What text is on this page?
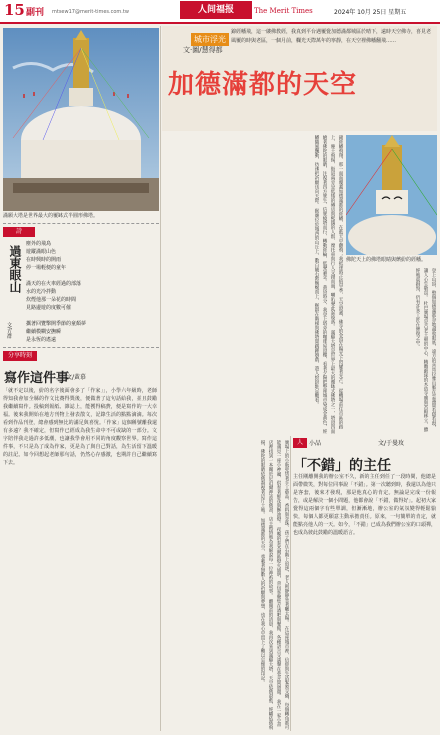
15 副刊 mtsew17@merit-times.com.tw	人间福报	The Merit Times	2024年 10月 25日 星期五
滿願大塔是世界最大的覆缽式半圓形佛塔。
城市浮光
文·圖/慧得都
加德滿都的天空
錦經幡飛，這一縷佛教經，我真到平台遇覆覺加德滿都城區於晴下，遠時天空佛寺，喜見老風覆的時與老區，一個月前，欄光天際萬年的寧靜，在天空裡佛幡翻飛……
詩
過東眼山
文/方群
塵外的飛鳥
遊蹤滿眼山色
在時興時的開雨
停一場輕便的童年

滿天的在火車經過的部落
水的光冷拌動
炊煙他那一朵花的時間
見路邊遊的度數可催

攜著回覽擊開季節的童顏夢
繼續模糊安撫瞬
是永恆的遙遠
分享時刻
寫作這件事
文/黃慕
「就不定以後，紛的名字後面會多了「作家」」，小學六年級時，老師得知我會加全縣的作文比賽得獎後，便做著了這句話給我，並且鼓勵我繼續寫作。投稿到報紙、雜誌上，能獲得稿費，便是寫作的一大幸福。後來我開始在地方刊物上發表散文，記錄生活的點點滴滴。每次看到作品刊登，總會感到無比的滿足與喜悅。「作家」這個稱號離我還有多遠？我不確定，但寫作已經成為我生命中不可或缺的一部分。文字陪伴我走過許多低潮，也讓我學會用不同的角度觀察世界。寫作這件事，不只是為了成為作家，更是為了與自己對話，為生活留下溫暖的註記。如今回想起老師那句話，仍然心存感激，也期許自己繼續寫下去。
錦經幡飛翔，那一面面覆蓋加德滿都的經幡，在藍天中翻飛；我抵達時正值旱季，天空澄澈，佛寺的金頂在陽光下閃耀著光芒。 從機場前往市區的路上，塵土飛揚，街道兩旁是低矮的磚房與熙攘的人群，摩托車與行人交錯而過，喇叭聲此起彼落。 滿願大塔是世界上最大的覆缽式佛塔之一，塔頂四面繪著佛陀的眼睛，注視著四方眾生，信眾繞塔而行，轉動經輪，低聲誦念。 黃昏時分，我登上塔旁的咖啡屋頂樓，看著夕陽把整座城市染成金黃色，經幡隨風飄動，彷彿把祈願送向天際。 猴廟位於城西的山丘上，數百級石階蜿蜒而上，猴群在階梯與佛塔間跳躍嬉戲，遊人紛紛駐足觀看。	佛陀天上的佛塔眼睛與繽紛的經幡。
登上山頂，整個加德滿都谷地盡收眼底，遠方的喜馬拉雅山脈在雲霧間若隱若現，讓人心生敬畏。 杜巴廣場是古老王朝的中心，精雕細琢的木造寺廟與宮殿林立，雖經地震損毀，仍有許多工匠在修復之中。
廣場上的小販兜售著手工藝品、香料與念珠，孩子們在石階上追逐，老人則靜靜坐著曬太陽。 在這座城市裡，信仰與生活緊密交織，每個轉角都可能遇見一座小神龕，供奉著鮮花與酥油燈。 夜晚的泰米爾區燈火通明，背包客聚集在酒吧與餐館，各種語言交談聲在巷弄間迴盪。 我在一家小書店裡找到一本關於尼泊爾神話的舊書，店主熱情地為我解說每一位神祇的故事。 離開前的清晨，我再次來到滿願大塔，天空依舊湛藍，經幡依舊飛揚，佛陀的眼睛依舊凝視著這片土地。 加德滿都的天空，承載著無數人的祈願與夢想，也在我心中留下了難以忘懷的印記。
人	小品	文/于曼玫
「不錯」的主任
主任剛離開我的辦公室不久，新的主任到任了一段時間，他總是面帶微笑，對每位同事說「不錯」。第一次聽到時，我還以為他只是客套，後來才發現，那是他真心的肯定。無論是完成一份報告，或是解決一個小問題，他都會說「不錯，做得好」。起初大家覺得這兩個字有些單調，但漸漸地，辦公室的氣氛變得輕鬆愉快，每個人都更願意主動承擔責任。原來，一句簡單的肯定，就能點亮他人的一天。如今，「不錯」已成為我們辦公室的口頭禪，也成為彼此鼓勵的溫暖語言。
